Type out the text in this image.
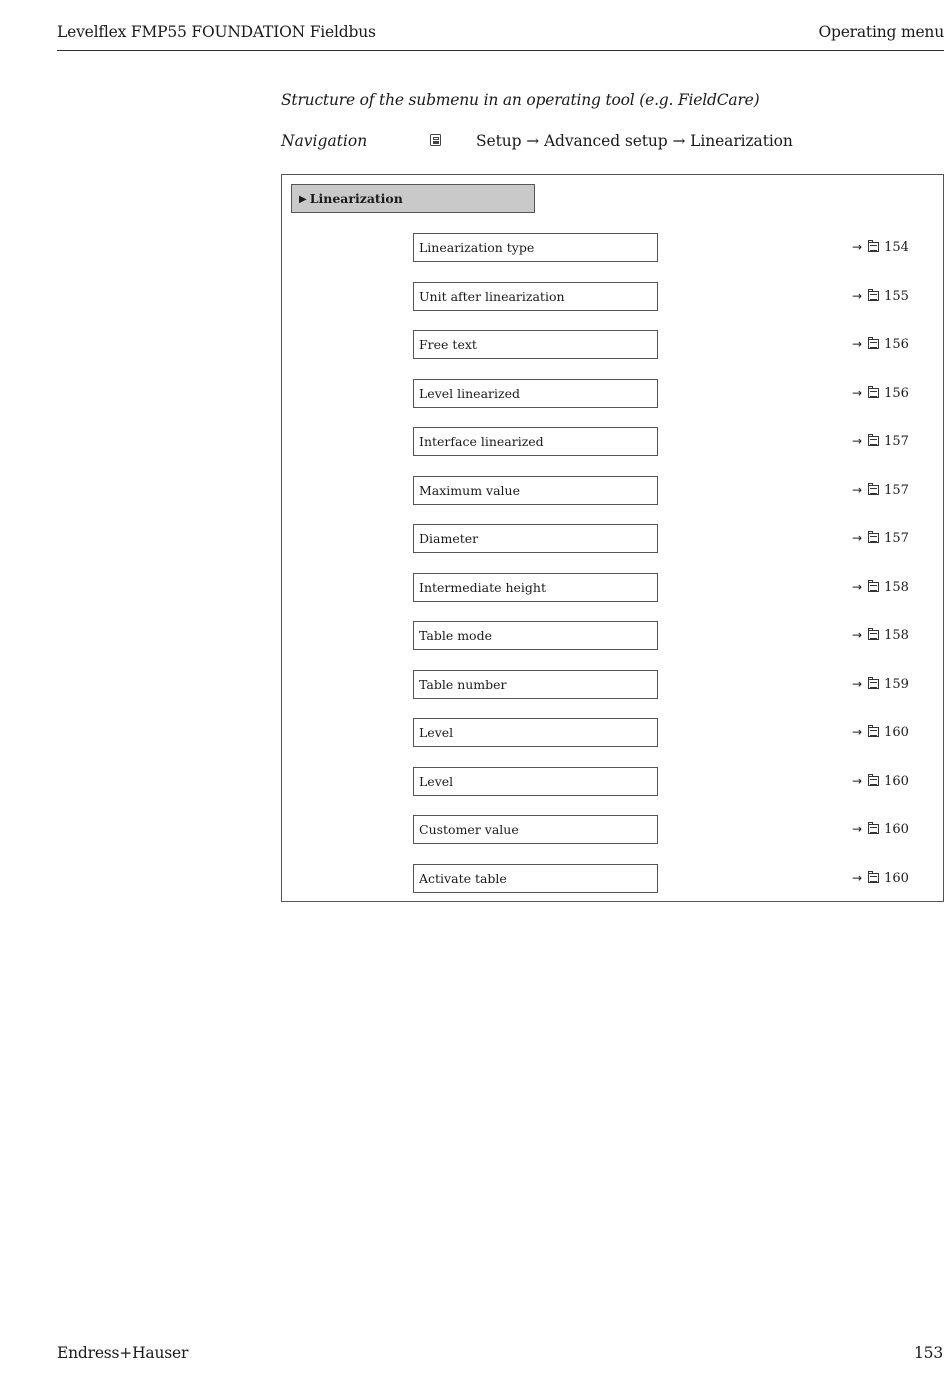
Levelflex FMP55 FOUNDATION Fieldbus	Operating menu
Structure of the submenu in an operating tool (e.g. FieldCare)
Navigation	Setup → Advanced setup → Linearization
▶ Linearization
Linearization type	→ 154
Unit after linearization	→ 155
Free text	→ 156
Level linearized	→ 156
Interface linearized	→ 157
Maximum value	→ 157
Diameter	→ 157
Intermediate height	→ 158
Table mode	→ 158
Table number	→ 159
Level	→ 160
Level	→ 160
Customer value	→ 160
Activate table	→ 160
Endress+Hauser	153
